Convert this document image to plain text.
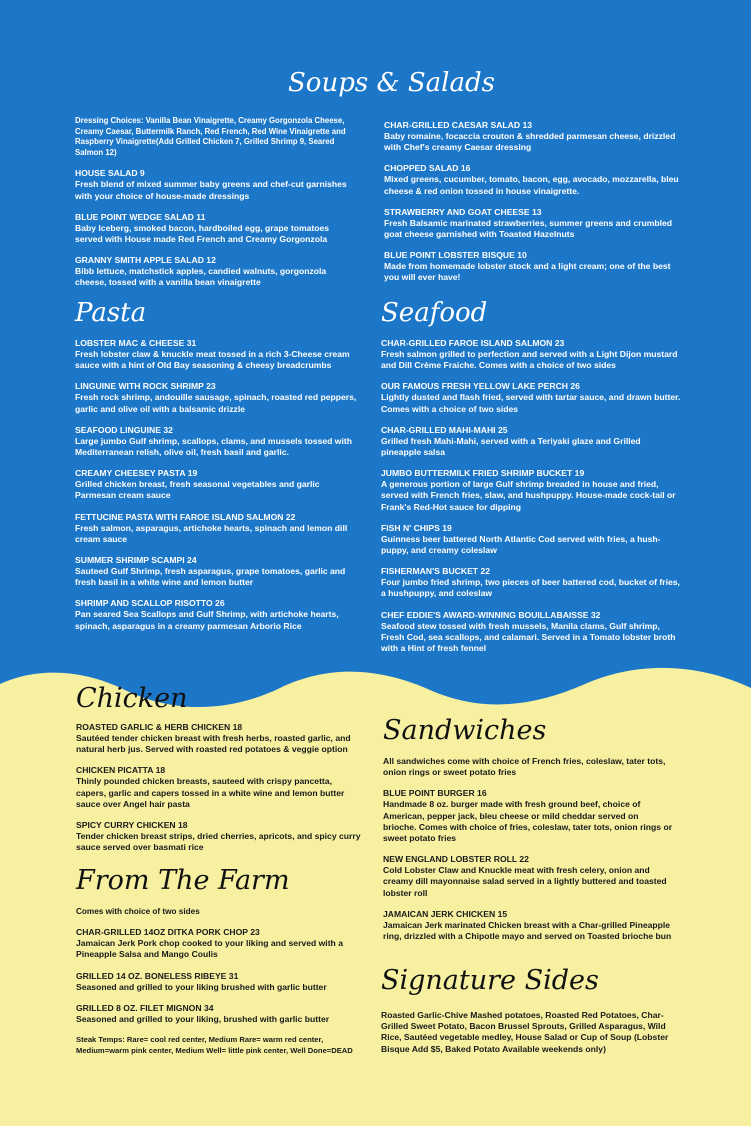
Soups & Salads
Dressing Choices: Vanilla Bean Vinaigrette, Creamy Gorgonzola Cheese, Creamy Caesar, Buttermilk Ranch, Red French, Red Wine Vinaigrette and Raspberry Vinaigrette(Add Grilled Chicken 7, Grilled Shrimp 9, Seared Salmon 12)
HOUSE SALAD 9
Fresh blend of mixed summer baby greens and chef-cut garnishes with your choice of house-made dressings
BLUE POINT WEDGE SALAD 11
Baby Iceberg, smoked bacon, hardboiled egg, grape tomatoes served with House made Red French and Creamy Gorgonzola
GRANNY SMITH APPLE SALAD 12
Bibb lettuce, matchstick apples, candied walnuts, gorgonzola cheese, tossed with a vanilla bean vinaigrette
CHAR-GRILLED CAESAR SALAD 13
Baby romaine, focaccia crouton & shredded parmesan cheese, drizzled with Chef's creamy Caesar dressing
CHOPPED SALAD 16
Mixed greens, cucumber, tomato, bacon, egg, avocado, mozzarella, bleu cheese & red onion tossed in house vinaigrette.
STRAWBERRY AND GOAT CHEESE 13
Fresh Balsamic marinated strawberries, summer greens and crumbled goat cheese garnished with Toasted Hazelnuts
BLUE POINT LOBSTER BISQUE 10
Made from homemade lobster stock and a light cream; one of the best you will ever have!
Pasta
LOBSTER MAC & CHEESE 31
Fresh lobster claw & knuckle meat tossed in a rich 3-Cheese cream sauce with a hint of Old Bay seasoning & cheesy breadcrumbs
LINGUINE WITH ROCK SHRIMP 23
Fresh rock shrimp, andouille sausage, spinach, roasted red peppers, garlic and olive oil with a balsamic drizzle
SEAFOOD LINGUINE 32
Large jumbo Gulf shrimp, scallops, clams, and mussels tossed with Mediterranean relish, olive oil, fresh basil and garlic.
CREAMY CHEESEY PASTA 19
Grilled chicken breast, fresh seasonal vegetables and garlic Parmesan cream sauce
FETTUCINE PASTA WITH FAROE ISLAND SALMON 22
Fresh salmon, asparagus, artichoke hearts, spinach and lemon dill cream sauce
SUMMER SHRIMP SCAMPI 24
Sauteed Gulf Shrimp, fresh asparagus, grape tomatoes, garlic and fresh basil in a white wine and lemon butter
SHRIMP AND SCALLOP RISOTTO 26
Pan seared Sea Scallops and Gulf Shrimp, with artichoke hearts, spinach, asparagus in a creamy parmesan Arborio Rice
Seafood
CHAR-GRILLED FAROE ISLAND SALMON 23
Fresh salmon grilled to perfection and served with a Light Dijon mustard and Dill Crème Fraiche. Comes with a choice of two sides
OUR FAMOUS FRESH YELLOW LAKE PERCH 26
Lightly dusted and flash fried, served with tartar sauce, and drawn butter. Comes with a choice of two sides
CHAR-GRILLED MAHI-MAHI 25
Grilled fresh Mahi-Mahi, served with a Teriyaki glaze and Grilled pineapple salsa
JUMBO BUTTERMILK FRIED SHRIMP BUCKET 19
A generous portion of large Gulf shrimp breaded in house and fried, served with French fries, slaw, and hushpuppy. House-made cock-tail or Frank's Red-Hot sauce for dipping
FISH N' CHIPS 19
Guinness beer battered North Atlantic Cod served with fries, a hush-puppy, and creamy coleslaw
FISHERMAN'S BUCKET 22
Four jumbo fried shrimp, two pieces of beer battered cod, bucket of fries, a hushpuppy, and coleslaw
CHEF EDDIE'S AWARD-WINNING BOUILLABAISSE 32
Seafood stew tossed with fresh mussels, Manila clams, Gulf shrimp, Fresh Cod, sea scallops, and calamari. Served in a Tomato lobster broth with a Hint of fresh fennel
Chicken
ROASTED GARLIC & HERB CHICKEN 18
Sautéed tender chicken breast with fresh herbs, roasted garlic, and natural herb jus. Served with roasted red potatoes & veggie option
CHICKEN PICATTA 18
Thinly pounded chicken breasts, sauteed with crispy pancetta, capers, garlic and capers tossed in a white wine and lemon butter sauce over Angel hair pasta
SPICY CURRY CHICKEN 18
Tender chicken breast strips, dried cherries, apricots, and spicy curry sauce served over basmati rice
From The Farm
Comes with choice of two sides
CHAR-GRILLED 14OZ DITKA PORK CHOP 23
Jamaican Jerk Pork chop cooked to your liking and served with a Pineapple Salsa and Mango Coulis
GRILLED 14 OZ. BONELESS RIBEYE 31
Seasoned and grilled to your liking brushed with garlic butter
GRILLED 8 OZ. FILET MIGNON 34
Seasoned and grilled to your liking, brushed with garlic butter
Steak Temps: Rare= cool red center, Medium Rare= warm red center, Medium=warm pink center, Medium Well= little pink center, Well Done=DEAD
Sandwiches
All sandwiches come with choice of French fries, coleslaw, tater tots, onion rings or sweet potato fries
BLUE POINT BURGER 16
Handmade 8 oz. burger made with fresh ground beef, choice of American, pepper jack, bleu cheese or mild cheddar served on brioche. Comes with choice of fries, coleslaw, tater tots, onion rings or sweet potato fries
NEW ENGLAND LOBSTER ROLL 22
Cold Lobster Claw and Knuckle meat with fresh celery, onion and creamy dill mayonnaise salad served in a lightly buttered and toasted lobster roll
JAMAICAN JERK CHICKEN 15
Jamaican Jerk marinated Chicken breast with a Char-grilled Pineapple ring, drizzled with a Chipotle mayo and served on Toasted brioche bun
Signature Sides
Roasted Garlic-Chive Mashed potatoes, Roasted Red Potatoes, Char-Grilled Sweet Potato, Bacon Brussel Sprouts, Grilled Asparagus, Wild Rice, Sautéed vegetable medley, House Salad or Cup of Soup (Lobster Bisque Add $5, Baked Potato Available weekends only)
